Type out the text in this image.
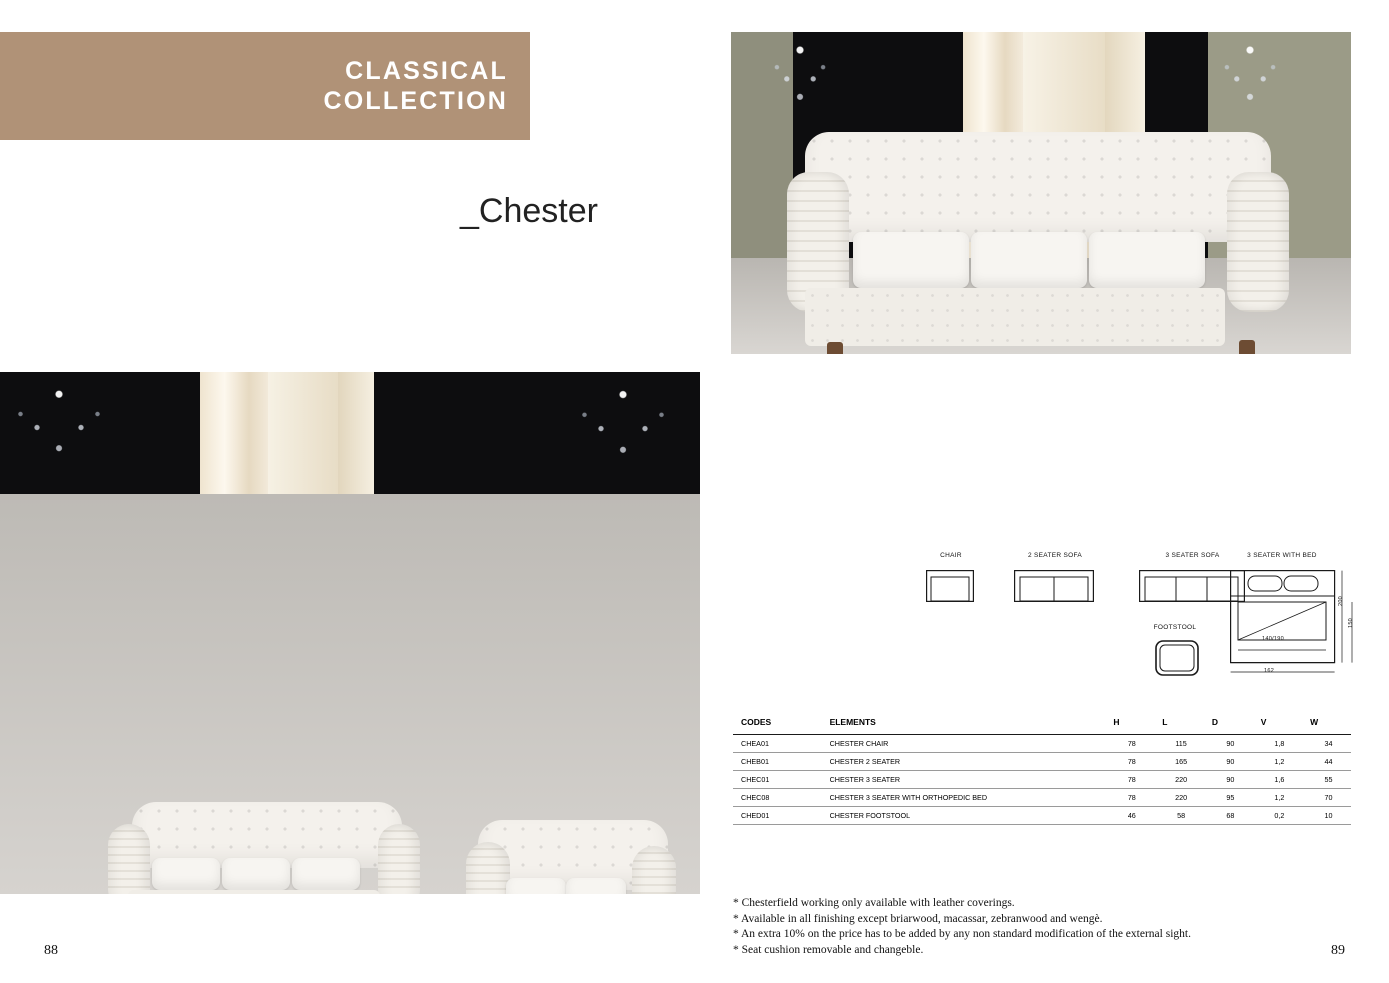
CLASSICAL
COLLECTION
_Chester
88
CHAIR	2 SEATER SOFA	3 SEATER SOFA
FOOTSTOOL
3 SEATER WITH BED
200
150
162
140/190
CODES	ELEMENTS	H	L	D	V	W
CHEA01	CHESTER CHAIR	78	115	90	1,8	34
CHEB01	CHESTER 2 SEATER	78	165	90	1,2	44
CHEC01	CHESTER 3 SEATER	78	220	90	1,6	55
CHEC08	CHESTER 3 SEATER WITH ORTHOPEDIC BED	78	220	95	1,2	70
CHED01	CHESTER FOOTSTOOL	46	58	68	0,2	10
* Chesterfield working only available with leather coverings.
* Available in all finishing except briarwood, macassar, zebranwood and wengè.
* An extra 10% on the price has to be added by any non standard modification of the external sight.
* Seat cushion removable and changeble.	89
